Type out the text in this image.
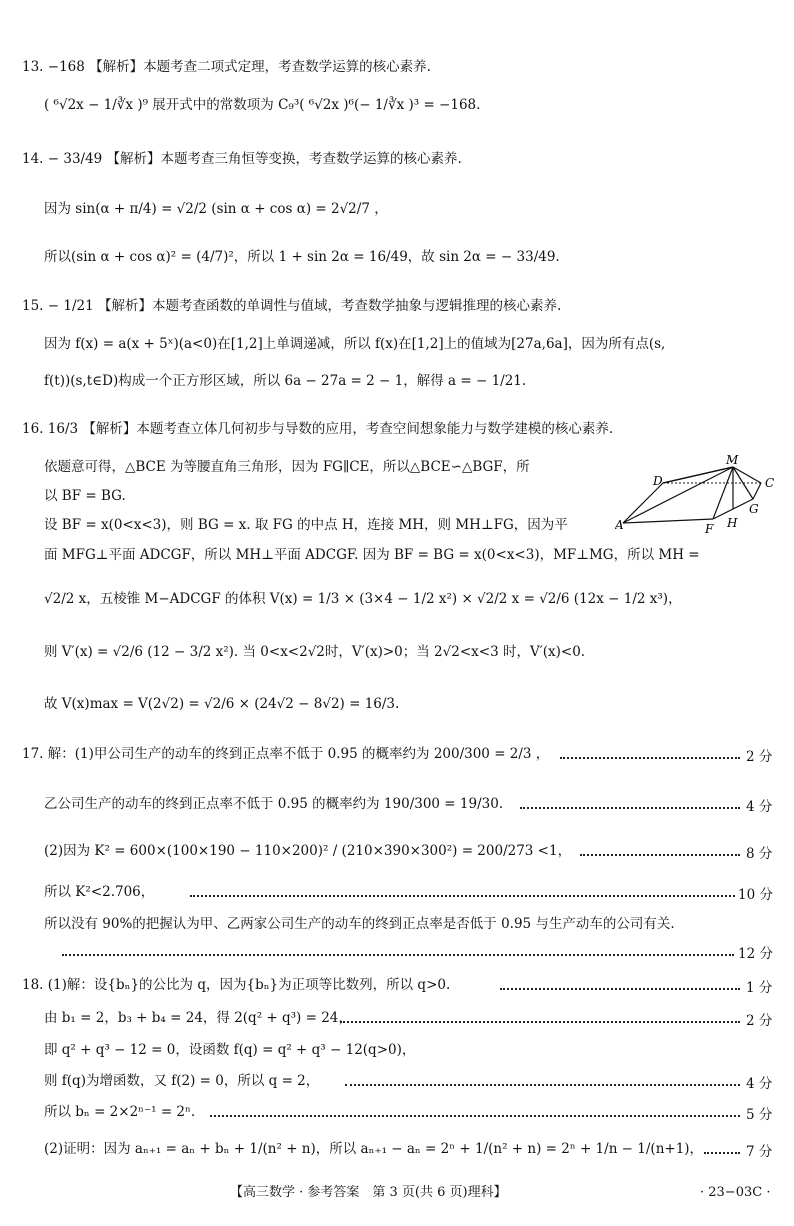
13. −168 【解析】本题考查二项式定理，考查数学运算的核心素养.
( ⁶√2x − 1/∛x )⁹ 展开式中的常数项为 C₉³( ⁶√2x )⁶(− 1/∛x )³ = −168.
14. − 33/49 【解析】本题考查三角恒等变换，考查数学运算的核心素养.
因为 sin(α + π/4) = √2/2 (sin α + cos α) = 2√2/7 ，
所以(sin α + cos α)² = (4/7)²，所以 1 + sin 2α = 16/49，故 sin 2α = − 33/49.
15. − 1/21 【解析】本题考查函数的单调性与值域，考查数学抽象与逻辑推理的核心素养.
因为 f(x) = a(x + 5ˣ)(a<0)在[1,2]上单调递减，所以 f(x)在[1,2]上的值域为[27a,6a]，因为所有点(s,
f(t))(s,t∈D)构成一个正方形区域，所以 6a − 27a = 2 − 1，解得 a = − 1/21.
16. 16/3 【解析】本题考查立体几何初步与导数的应用，考查空间想象能力与数学建模的核心素养.
依题意可得，△BCE 为等腰直角三角形，因为 FG∥CE，所以△BCE∽△BGF，所
以 BF = BG.
设 BF = x(0<x<3)，则 BG = x. 取 FG 的中点 H，连接 MH，则 MH⊥FG，因为平
M
D	C
G
A	F H
面 MFG⊥平面 ADCGF，所以 MH⊥平面 ADCGF. 因为 BF = BG = x(0<x<3)，MF⊥MG，所以 MH =
√2/2 x，五棱锥 M−ADCGF 的体积 V(x) = 1/3 × (3×4 − 1/2 x²) × √2/2 x = √2/6 (12x − 1/2 x³)，
则 V′(x) = √2/6 (12 − 3/2 x²). 当 0<x<2√2时，V′(x)>0；当 2√2<x<3 时，V′(x)<0.
故 V(x)max = V(2√2) = √2/6 × (24√2 − 8√2) = 16/3.
17. 解：(1)甲公司生产的动车的终到正点率不低于 0.95 的概率约为 200/300 = 2/3 ，	2 分
乙公司生产的动车的终到正点率不低于 0.95 的概率约为 190/300 = 19/30.	4 分
(2)因为 K² = 600×(100×190 − 110×200)² / (210×390×300²) = 200/273 <1，	8 分
所以 K²<2.706，	10 分
所以没有 90%的把握认为甲、乙两家公司生产的动车的终到正点率是否低于 0.95 与生产动车的公司有关.
12 分
18. (1)解：设{bₙ}的公比为 q，因为{bₙ}为正项等比数列，所以 q>0.	1 分
由 b₁ = 2，b₃ + b₄ = 24，得 2(q² + q³) = 24，	2 分
即 q² + q³ − 12 = 0，设函数 f(q) = q² + q³ − 12(q>0)，
则 f(q)为增函数，又 f(2) = 0，所以 q = 2，	4 分
所以 bₙ = 2×2ⁿ⁻¹ = 2ⁿ.	5 分
(2)证明：因为 aₙ₊₁ = aₙ + bₙ + 1/(n² + n)，所以 aₙ₊₁ − aₙ = 2ⁿ + 1/(n² + n) = 2ⁿ + 1/n − 1/(n+1)，	7 分
【高三数学 · 参考答案　第 3 页(共 6 页)理科】	· 23−03C ·
